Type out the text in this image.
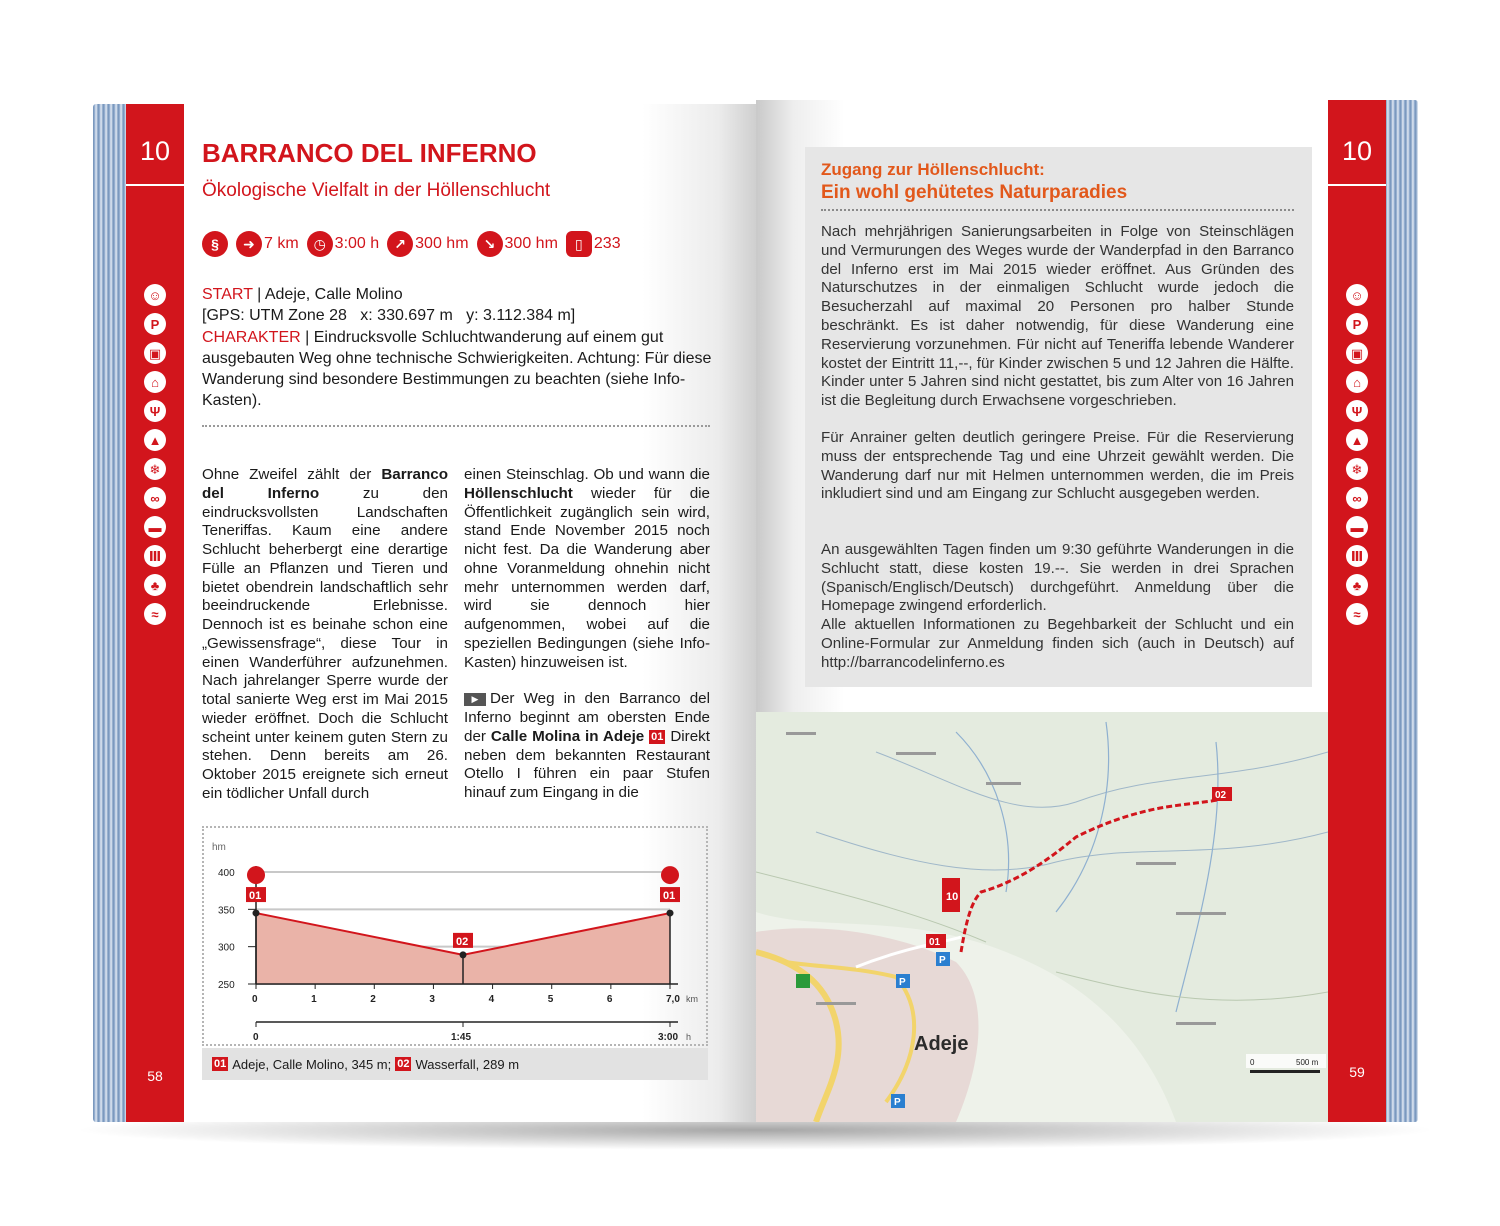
10
☺
P
▣
⌂
Ψ
▲
❄
∞
▬
Ⅲ
♣
≈
58
10
☺
P
▣
⌂
Ψ
▲
❄
∞
▬
Ⅲ
♣
≈
59
BARRANCO DEL INFERNO
Ökologische Vielfalt in der Höllenschlucht
§	➜ 7 km	◷ 3:00 h	↗ 300 hm	↘ 300 hm	▯ 233
START | Adeje, Calle Molino
[GPS: UTM Zone 28   x: 330.697 m   y: 3.112.384 m]
CHARAKTER | Eindrucksvolle Schluchtwanderung auf einem gut ausgebauten Weg ohne technische Schwierigkeiten. Achtung: Für diese Wanderung sind besondere Bestimmungen zu beachten (siehe Info-Kasten).
Ohne Zweifel zählt der Barranco del Inferno zu den eindrucksvollsten Landschaften Teneriffas. Kaum eine andere Schlucht beherbergt eine derartige Fülle an Pflanzen und Tieren und bietet obendrein landschaftlich sehr beeindruckende Erlebnisse. Dennoch ist es beinahe schon eine „Gewissensfrage“, diese Tour in einen Wanderführer aufzunehmen. Nach jahrelanger Sperre wurde der total sanierte Weg erst im Mai 2015 wieder eröffnet. Doch die Schlucht scheint unter keinem guten Stern zu stehen. Denn bereits am 26. Oktober 2015 ereignete sich erneut ein tödlicher Unfall durch
einen Steinschlag. Ob und wann die Höllenschlucht wieder für die Öffentlichkeit zugänglich sein wird, stand Ende November 2015 noch nicht fest. Da die Wanderung aber ohne Voranmeldung ohnehin nicht mehr unternommen werden darf, wird sie dennoch hier aufgenommen, wobei auf die speziellen Bedingungen (siehe Info-Kasten) hinzuweisen ist.
▶ Der Weg in den Barranco del Inferno beginnt am obersten Ende der Calle Molina in Adeje 01 Direkt neben dem bekannten Restaurant Otello I führen ein paar Stufen hinauf zum Eingang in die
hm
250
300
350
400
0	1	2	3	4	5	6	7,0 km
0	1:45	3:00 h
01
02
01
01 Adeje, Calle Molino, 345 m; 02 Wasserfall, 289 m
Zugang zur Höllenschlucht:
Ein wohl gehütetes Naturparadies
Nach mehrjährigen Sanierungsarbeiten in Folge von Steinschlägen und Vermurungen des Weges wurde der Wanderpfad in den Barranco del Inferno erst im Mai 2015 wieder eröffnet. Aus Gründen des Naturschutzes in der einmaligen Schlucht wurde jedoch die Besucherzahl auf maximal 20 Personen pro halber Stunde beschränkt. Es ist daher notwendig, für diese Wanderung eine Reservierung vorzunehmen. Für nicht auf Teneriffa lebende Wanderer kostet der Eintritt 11,--, für Kinder zwischen 5 und 12 Jahren die Hälfte. Kinder unter 5 Jahren sind nicht gestattet, bis zum Alter von 16 Jahren ist die Begleitung durch Erwachsene vorgeschrieben.
Für Anrainer gelten deutlich geringere Preise. Für die Reservierung muss der entsprechende Tag und eine Uhrzeit gewählt werden. Die Wanderung darf nur mit Helmen unternommen werden, die im Preis inkludiert sind und am Eingang zur Schlucht ausgegeben werden.
An ausgewählten Tagen finden um 9:30 geführte Wanderungen in die Schlucht statt, diese kosten 19.--. Sie werden in drei Sprachen (Spanisch/Englisch/Deutsch) durchgeführt. Anmeldung über die Homepage zwingend erforderlich.
Alle aktuellen Informationen zu Begehbarkeit der Schlucht und ein Online-Formular zur Anmeldung finden sich (auch in Deutsch) auf http://barrancodelinferno.es
10
01
02
P
P
P
Adeje
0	500 m
